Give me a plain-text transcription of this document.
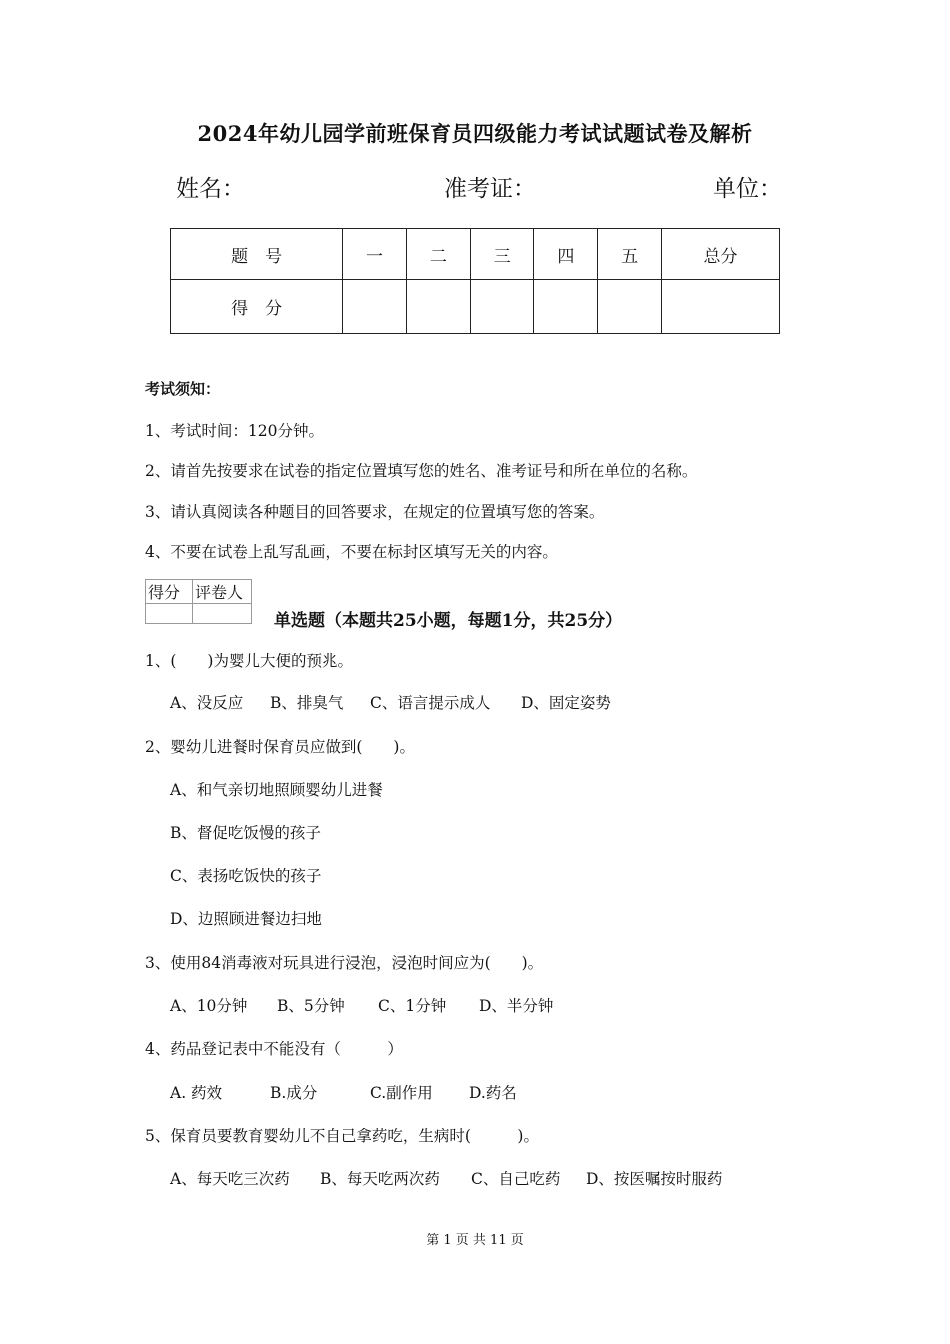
2024年幼儿园学前班保育员四级能力考试试题试卷及解析
姓名：	准考证：	单位：
题　号	一	二	三	四	五	总分
得　分						
考试须知：
1、考试时间：120分钟。
2、请首先按要求在试卷的指定位置填写您的姓名、准考证号和所在单位的名称。
3、请认真阅读各种题目的回答要求，在规定的位置填写您的答案。
4、不要在试卷上乱写乱画，不要在标封区填写无关的内容。
得分	评卷人

单选题（本题共25小题，每题1分，共25分）
1、(　　)为婴儿大便的预兆。
A、没反应 B、排臭气 C、语言提示成人 D、固定姿势
2、婴幼儿进餐时保育员应做到(　　)。
A、和气亲切地照顾婴幼儿进餐
B、督促吃饭慢的孩子
C、表扬吃饭快的孩子
D、边照顾进餐边扫地
3、使用84消毒液对玩具进行浸泡，浸泡时间应为(　　)。
A、10分钟 B、5分钟 C、1分钟 D、半分钟
4、药品登记表中不能没有（　　　）
A. 药效	B.成分	C.副作用 D.药名
5、保育员要教育婴幼儿不自己拿药吃，生病时(　　　)。
A、每天吃三次药 B、每天吃两次药 C、自己吃药 D、按医嘱按时服药
第 1 页 共 11 页
